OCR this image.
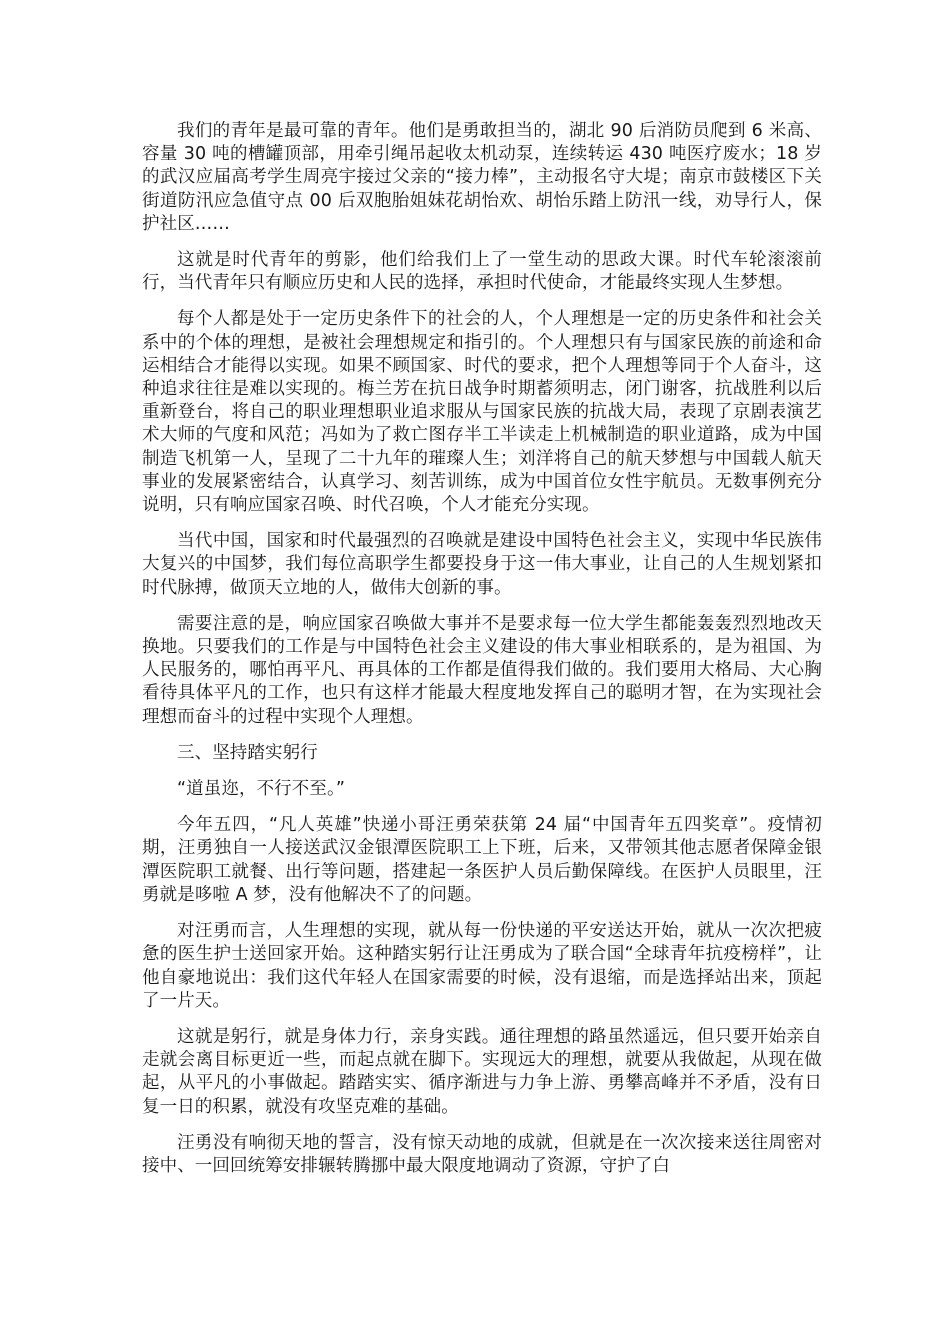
我们的青年是最可靠的青年。他们是勇敢担当的，湖北 90 后消防员爬到 6 米高、容量 30 吨的槽罐顶部，用牵引绳吊起收太机动泵，连续转运 430 吨医疗废水；18 岁的武汉应届高考学生周亮宇接过父亲的“接力棒”，主动报名守大堤；南京市鼓楼区下关街道防汛应急值守点 00 后双胞胎姐妹花胡怡欢、胡怡乐踏上防汛一线，劝导行人，保护社区……

这就是时代青年的剪影，他们给我们上了一堂生动的思政大课。时代车轮滚滚前行，当代青年只有顺应历史和人民的选择，承担时代使命，才能最终实现人生梦想。

每个人都是处于一定历史条件下的社会的人，个人理想是一定的历史条件和社会关系中的个体的理想，是被社会理想规定和指引的。个人理想只有与国家民族的前途和命运相结合才能得以实现。如果不顾国家、时代的要求，把个人理想等同于个人奋斗，这种追求往往是难以实现的。梅兰芳在抗日战争时期蓄须明志，闭门谢客，抗战胜利以后重新登台，将自己的职业理想职业追求服从与国家民族的抗战大局，表现了京剧表演艺术大师的气度和风范；冯如为了救亡图存半工半读走上机械制造的职业道路，成为中国制造飞机第一人，呈现了二十九年的璀璨人生；刘洋将自己的航天梦想与中国载人航天事业的发展紧密结合，认真学习、刻苦训练，成为中国首位女性宇航员。无数事例充分说明，只有响应国家召唤、时代召唤，个人才能充分实现。

当代中国，国家和时代最强烈的召唤就是建设中国特色社会主义，实现中华民族伟大复兴的中国梦，我们每位高职学生都要投身于这一伟大事业，让自己的人生规划紧扣时代脉搏，做顶天立地的人，做伟大创新的事。

需要注意的是，响应国家召唤做大事并不是要求每一位大学生都能轰轰烈烈地改天换地。只要我们的工作是与中国特色社会主义建设的伟大事业相联系的，是为祖国、为人民服务的，哪怕再平凡、再具体的工作都是值得我们做的。我们要用大格局、大心胸看待具体平凡的工作，也只有这样才能最大程度地发挥自己的聪明才智，在为实现社会理想而奋斗的过程中实现个人理想。

三、坚持踏实躬行

“道虽迩，不行不至。”

今年五四，“凡人英雄”快递小哥汪勇荣获第 24 届“中国青年五四奖章”。疫情初期，汪勇独自一人接送武汉金银潭医院职工上下班，后来，又带领其他志愿者保障金银潭医院职工就餐、出行等问题，搭建起一条医护人员后勤保障线。在医护人员眼里，汪勇就是哆啦 A 梦，没有他解决不了的问题。

对汪勇而言，人生理想的实现，就从每一份快递的平安送达开始，就从一次次把疲惫的医生护士送回家开始。这种踏实躬行让汪勇成为了联合国“全球青年抗疫榜样”，让他自豪地说出：我们这代年轻人在国家需要的时候，没有退缩，而是选择站出来，顶起了一片天。

这就是躬行，就是身体力行，亲身实践。通往理想的路虽然遥远，但只要开始亲自走就会离目标更近一些，而起点就在脚下。实现远大的理想，就要从我做起，从现在做起，从平凡的小事做起。踏踏实实、循序渐进与力争上游、勇攀高峰并不矛盾，没有日复一日的积累，就没有攻坚克难的基础。

汪勇没有响彻天地的誓言，没有惊天动地的成就，但就是在一次次接来送往周密对接中、一回回统筹安排辗转腾挪中最大限度地调动了资源，守护了白
